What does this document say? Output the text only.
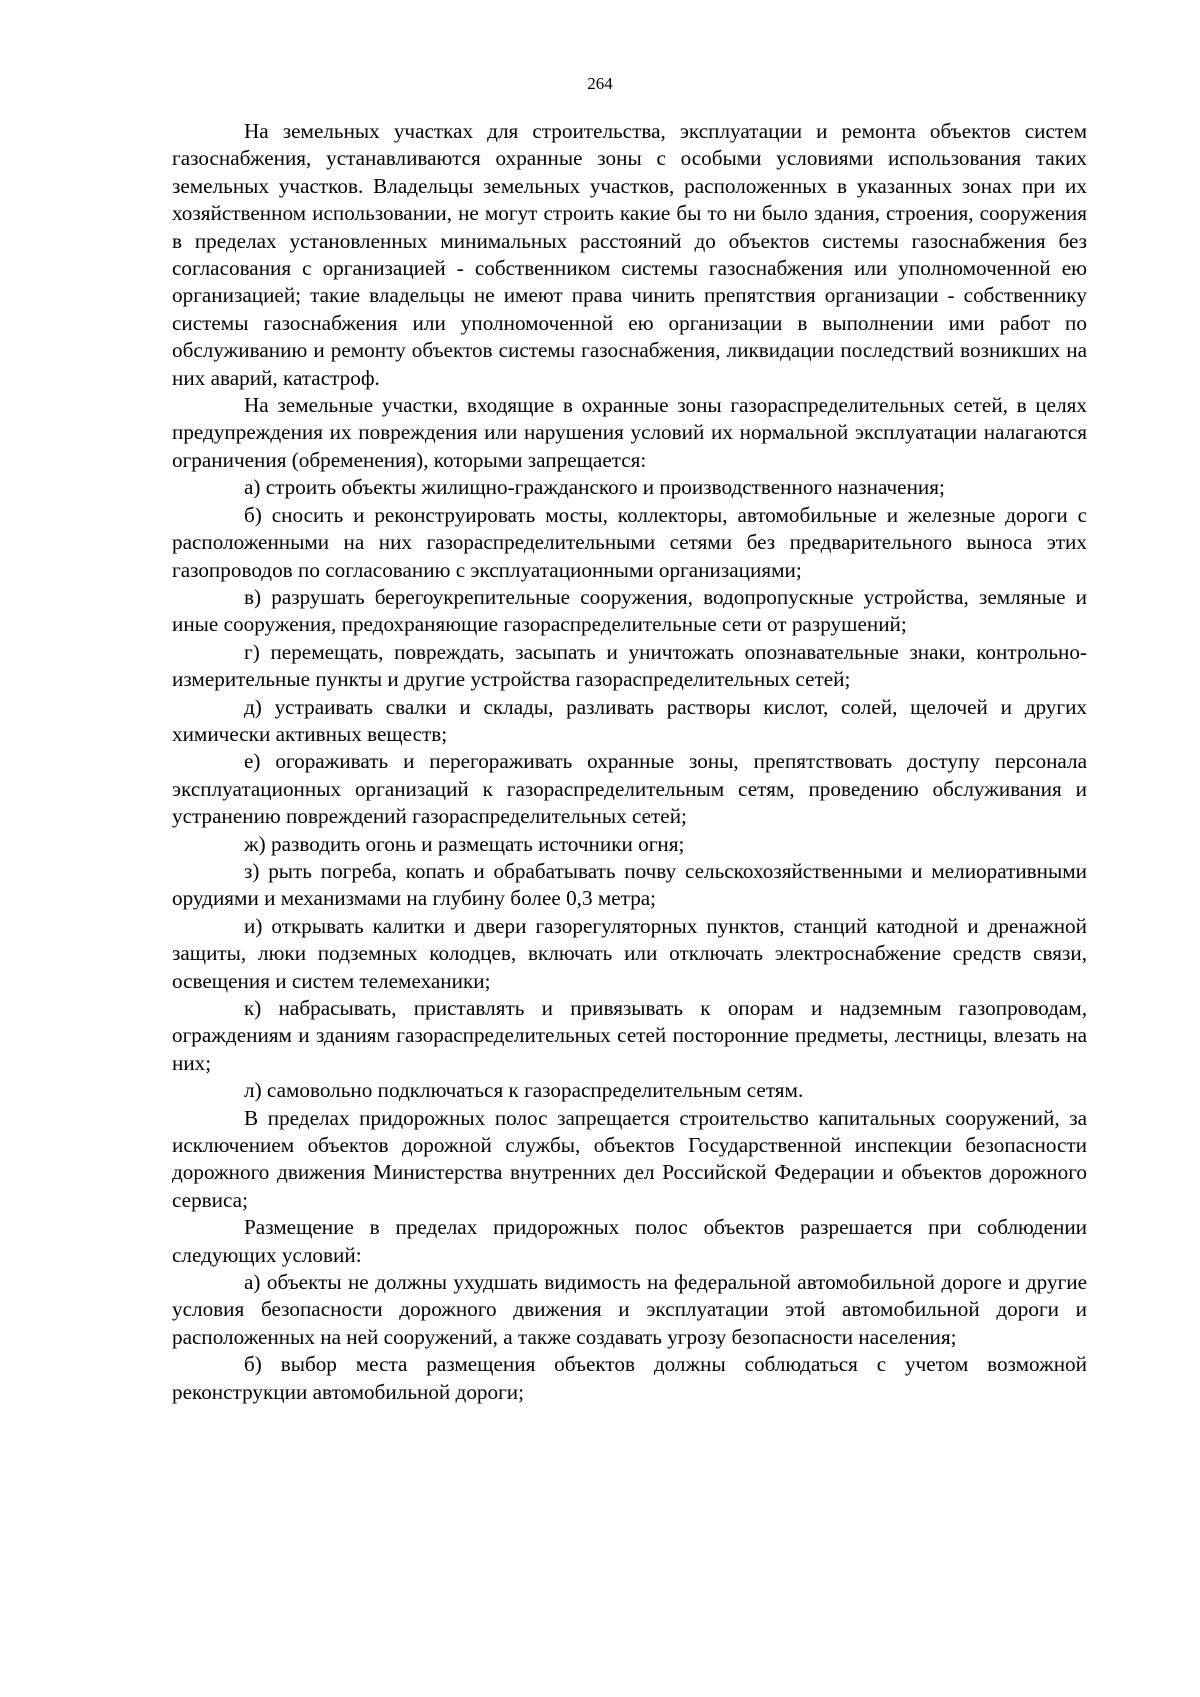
264

На земельных участках для строительства, эксплуатации и ремонта объектов систем газоснабжения, устанавливаются охранные зоны с особыми условиями использования таких земельных участков. Владельцы земельных участков, расположенных в указанных зонах при их хозяйственном использовании, не могут строить какие бы то ни было здания, строения, сооружения в пределах установленных минимальных расстояний до объектов системы газоснабжения без согласования с организацией - собственником системы газоснабжения или уполномоченной ею организацией; такие владельцы не имеют права чинить препятствия организации - собственнику системы газоснабжения или уполномоченной ею организации в выполнении ими работ по обслуживанию и ремонту объектов системы газоснабжения, ликвидации последствий возникших на них аварий, катастроф.

На земельные участки, входящие в охранные зоны газораспределительных сетей, в целях предупреждения их повреждения или нарушения условий их нормальной эксплуатации налагаются ограничения (обременения), которыми запрещается:

а) строить объекты жилищно-гражданского и производственного назначения;

б) сносить и реконструировать мосты, коллекторы, автомобильные и железные дороги с расположенными на них газораспределительными сетями без предварительного выноса этих газопроводов по согласованию с эксплуатационными организациями;

в) разрушать берегоукрепительные сооружения, водопропускные устройства, земляные и иные сооружения, предохраняющие газораспределительные сети от разрушений;

г) перемещать, повреждать, засыпать и уничтожать опознавательные знаки, контрольно-измерительные пункты и другие устройства газораспределительных сетей;

д) устраивать свалки и склады, разливать растворы кислот, солей, щелочей и других химически активных веществ;

е) огораживать и перегораживать охранные зоны, препятствовать доступу персонала эксплуатационных организаций к газораспределительным сетям, проведению обслуживания и устранению повреждений газораспределительных сетей;

ж) разводить огонь и размещать источники огня;

з) рыть погреба, копать и обрабатывать почву сельскохозяйственными и мелиоративными орудиями и механизмами на глубину более 0,3 метра;

и) открывать калитки и двери газорегуляторных пунктов, станций катодной и дренажной защиты, люки подземных колодцев, включать или отключать электроснабжение средств связи, освещения и систем телемеханики;

к) набрасывать, приставлять и привязывать к опорам и надземным газопроводам, ограждениям и зданиям газораспределительных сетей посторонние предметы, лестницы, влезать на них;

л) самовольно подключаться к газораспределительным сетям.

В пределах придорожных полос запрещается строительство капитальных сооружений, за исключением объектов дорожной службы, объектов Государственной инспекции безопасности дорожного движения Министерства внутренних дел Российской Федерации и объектов дорожного сервиса;

Размещение в пределах придорожных полос объектов разрешается при соблюдении следующих условий:

а) объекты не должны ухудшать видимость на федеральной автомобильной дороге и другие условия безопасности дорожного движения и эксплуатации этой автомобильной дороги и расположенных на ней сооружений, а также создавать угрозу безопасности населения;

б) выбор места размещения объектов должны соблюдаться с учетом возможной реконструкции автомобильной дороги;
